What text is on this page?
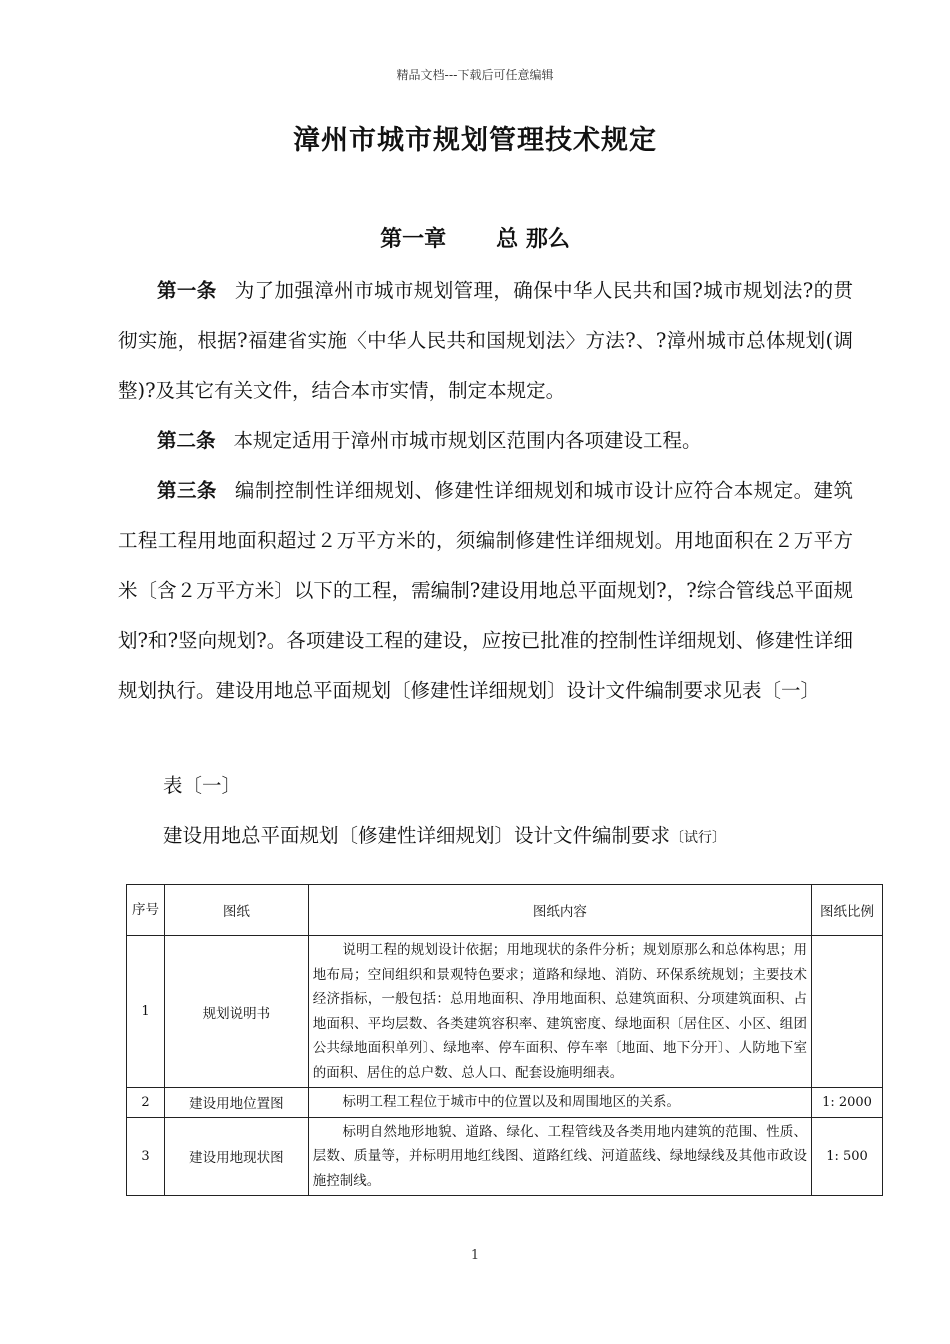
精品文档---下载后可任意编辑
漳州市城市规划管理技术规定
第一章 总 那么

第一条 为了加强漳州市城市规划管理，确保中华人民共和国?城市规划法?的贯彻实施，根据?福建省实施〈中华人民共和国规划法〉方法?、?漳州城市总体规划(调整)?及其它有关文件，结合本市实情，制定本规定。

第二条 本规定适用于漳州市城市规划区范围内各项建设工程。

第三条 编制控制性详细规划、修建性详细规划和城市设计应符合本规定。建筑工程工程用地面积超过２万平方米的，须编制修建性详细规划。用地面积在２万平方米〔含２万平方米〕以下的工程，需编制?建设用地总平面规划?，?综合管线总平面规划?和?竖向规划?。各项建设工程的建设，应按已批准的控制性详细规划、修建性详细规划执行。建设用地总平面规划〔修建性详细规划〕设计文件编制要求见表〔一〕

表〔一〕
建设用地总平面规划〔修建性详细规划〕设计文件编制要求〔试行〕
序号	图纸	图纸内容	图纸比例
1	规划说明书	说明工程的规划设计依据；用地现状的条件分析；规划原那么和总体构思；用地布局；空间组织和景观特色要求；道路和绿地、消防、环保系统规划；主要技术经济指标，一般包括：总用地面积、净用地面积、总建筑面积、分项建筑面积、占地面积、平均层数、各类建筑容积率、建筑密度、绿地面积〔居住区、小区、组团公共绿地面积单列〕、绿地率、停车面积、停车率〔地面、地下分开〕、人防地下室的面积、居住的总户数、总人口、配套设施明细表。	
2	建设用地位置图	标明工程工程位于城市中的位置以及和周围地区的关系。	1: 2000
3	建设用地现状图	标明自然地形地貌、道路、绿化、工程管线及各类用地内建筑的范围、性质、层数、质量等，并标明用地红线图、道路红线、河道蓝线、绿地绿线及其他市政设施控制线。	1: 500
1
